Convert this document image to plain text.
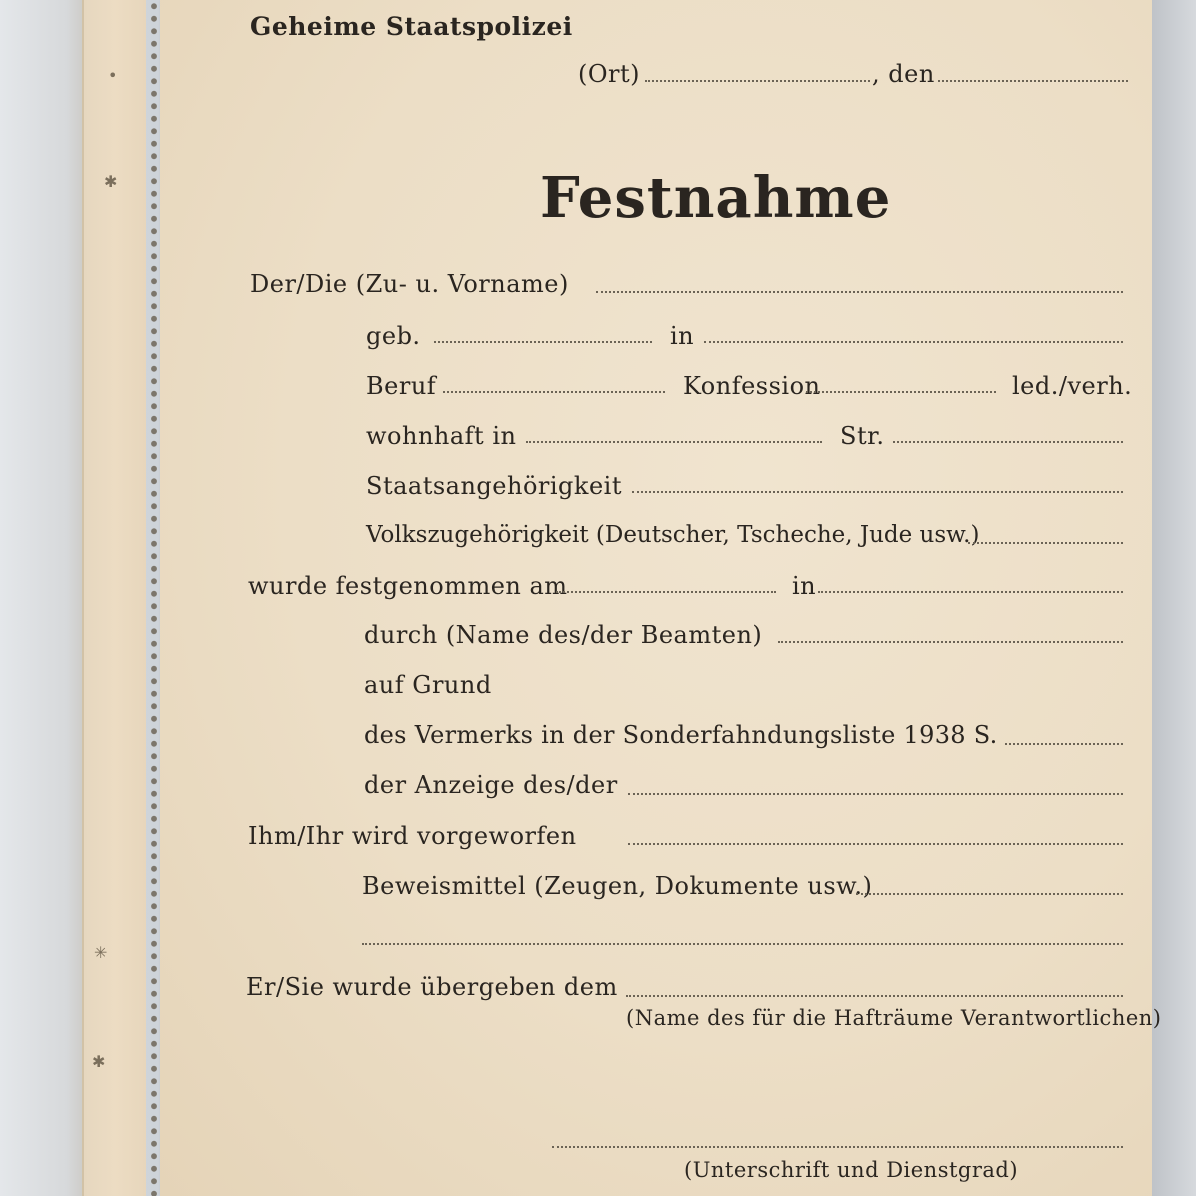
•
✱
✳
✱
Geheime Staatspolizei
(Ort)	, den
Festnahme
Der/Die (Zu- u. Vorname)
geb.	in
Beruf	Konfession	led./verh.
wohnhaft in	Str.
Staatsangehörigkeit
Volkszugehörigkeit (Deutscher, Tscheche, Jude usw.)
wurde festgenommen am	in
durch (Name des/der Beamten)
auf Grund
des Vermerks in der Sonderfahndungsliste 1938 S.
der Anzeige des/der
Ihm/Ihr wird vorgeworfen
Beweismittel (Zeugen, Dokumente usw.)
Er/Sie wurde übergeben dem
(Name des für die Hafträume Verantwortlichen)
(Unterschrift und Dienstgrad)
